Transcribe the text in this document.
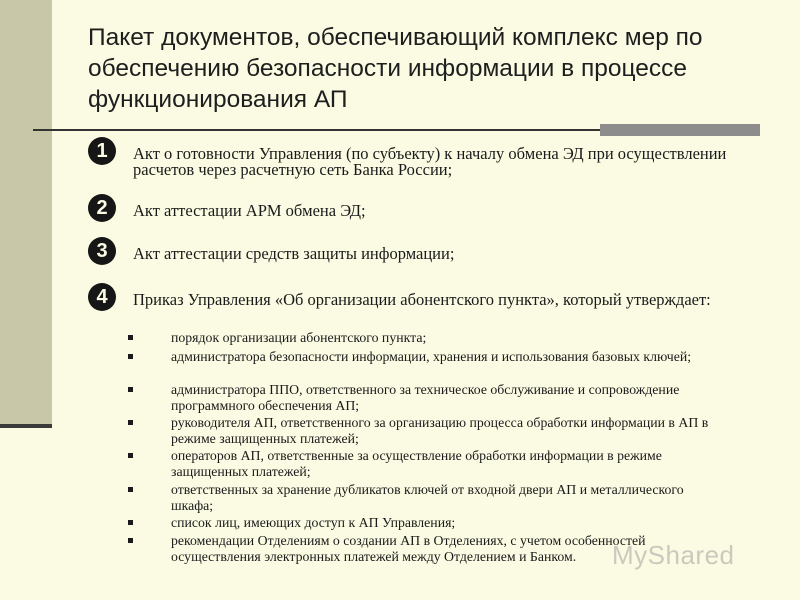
Пакет документов, обеспечивающий комплекс мер по обеспечению безопасности информации в процессе функционирования АП
1	Акт о готовности Управления (по субъекту) к началу обмена ЭД при осуществлении расчетов через расчетную сеть Банка России;
2	Акт аттестации АРМ обмена ЭД;
3	Акт аттестации средств защиты информации;
4	Приказ Управления «Об организации абонентского пункта», который утверждает:
порядок организации абонентского пункта;
администратора безопасности информации, хранения и использования базовых ключей;
администратора ППО, ответственного за техническое обслуживание и сопровождение программного обеспечения АП;
руководителя АП, ответственного за организацию процесса обработки информации в АП в режиме защищенных платежей;
операторов АП, ответственные за осуществление обработки информации в режиме защищенных платежей;
ответственных за хранение дубликатов ключей от входной двери АП и металлического шкафа;
список лиц, имеющих доступ к АП Управления;
рекомендации Отделениям о создании АП в Отделениях, с учетом особенностей осуществления электронных платежей между Отделением и Банком.	MyShared
